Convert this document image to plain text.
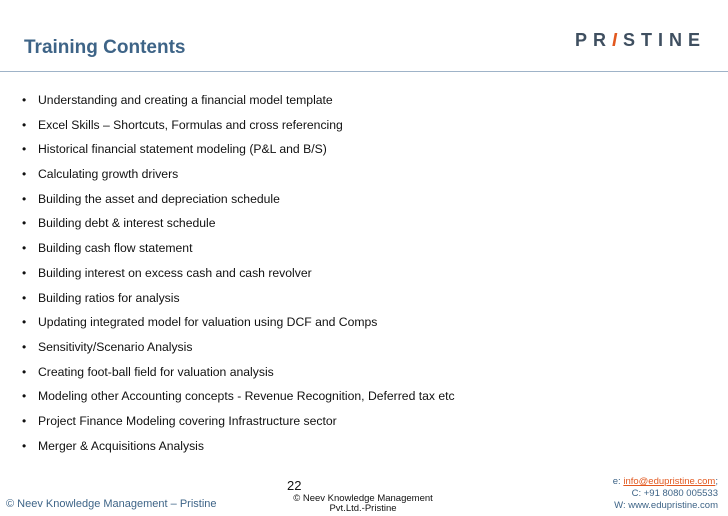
Training Contents	PR I STINE
• Understanding and creating a financial model template
• Excel Skills – Shortcuts, Formulas and cross referencing
• Historical financial statement modeling (P&L and B/S)
• Calculating growth drivers
• Building the asset and depreciation schedule
• Building debt & interest schedule
• Building cash flow statement
• Building interest on excess cash and cash revolver
• Building ratios for analysis
• Updating integrated model for valuation using DCF and Comps
• Sensitivity/Scenario Analysis
• Creating foot-ball field for valuation analysis
• Modeling other Accounting concepts - Revenue Recognition, Deferred tax etc
• Project Finance Modeling covering Infrastructure sector
• Merger & Acquisitions Analysis
22
© Neev Knowledge Management – Pristine	© Neev Knowledge Management
Pvt.Ltd.-Pristine
e: info@edupristine.com;
C: +91 8080 005533
W: www.edupristine.com
